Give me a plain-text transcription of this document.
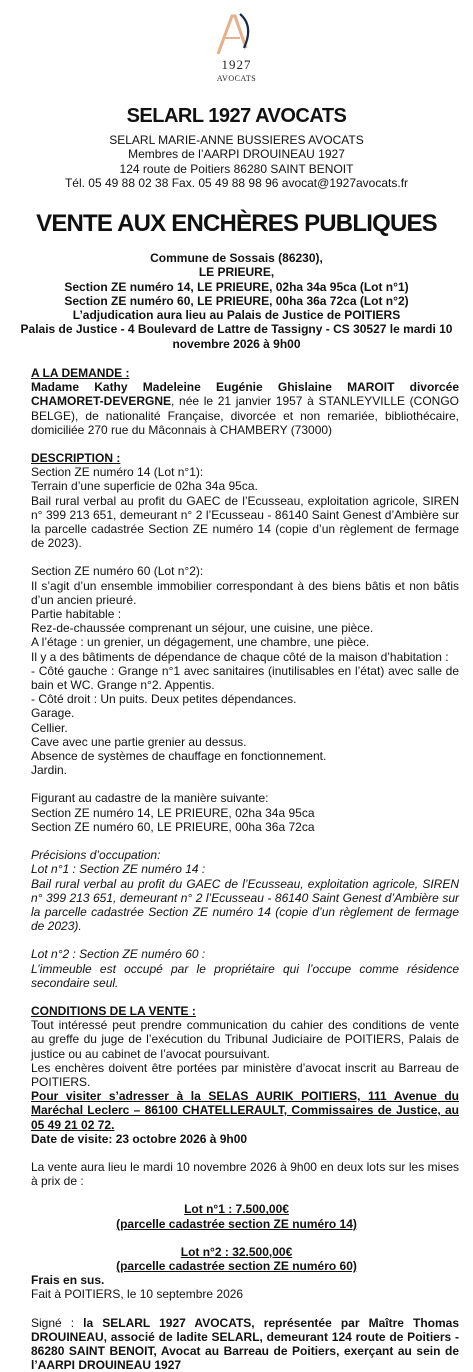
1927
AVOCATS
SELARL 1927 AVOCATS
SELARL MARIE-ANNE BUSSIERES AVOCATS
Membres de l’AARPI DROUINEAU 1927
124 route de Poitiers 86280 SAINT BENOIT
Tél. 05 49 88 02 38 Fax. 05 49 88 98 96 avocat@1927avocats.fr
VENTE AUX ENCHÈRES PUBLIQUES
Commune de Sossais (86230),
LE PRIEURE,
Section ZE numéro 14, LE PRIEURE, 02ha 34a 95ca (Lot n°1)
Section ZE numéro 60, LE PRIEURE, 00ha 36a 72ca (Lot n°2)
L’adjudication aura lieu au Palais de Justice de POITIERS
Palais de Justice - 4 Boulevard de Lattre de Tassigny - CS 30527 le mardi 10 novembre 2026 à 9h00

A LA DEMANDE :

Madame Kathy Madeleine Eugénie Ghislaine MAROIT divorcée CHAMORET-DEVERGNE, née le 21 janvier 1957 à STANLEYVILLE (CONGO BELGE), de nationalité Française, divorcée et non remariée, bibliothécaire, domiciliée 270 rue du Mâconnais à CHAMBERY (73000)

DESCRIPTION :

Section ZE numéro 14 (Lot n°1):

Terrain d’une superficie de 02ha 34a 95ca.

Bail rural verbal au profit du GAEC de l’Ecusseau, exploitation agricole, SIREN n° 399 213 651, demeurant n° 2 l’Ecusseau - 86140 Saint Genest d’Ambière sur la parcelle cadastrée Section ZE numéro 14 (copie d’un règlement de fermage de 2023).

Section ZE numéro 60 (Lot n°2):

Il s’agit d’un ensemble immobilier correspondant à des biens bâtis et non bâtis d’un ancien prieuré.

Partie habitable :

Rez-de-chaussée comprenant un séjour, une cuisine, une pièce.

A l’étage : un grenier, un dégagement, une chambre, une pièce.

Il y a des bâtiments de dépendance de chaque côté de la maison d’habitation :

- Côté gauche : Grange n°1 avec sanitaires (inutilisables en l’état) avec salle de bain et WC. Grange n°2. Appentis.

- Côté droit : Un puits. Deux petites dépendances.

Garage.

Cellier.

Cave avec une partie grenier au dessus.

Absence de systèmes de chauffage en fonctionnement.

Jardin.

Figurant au cadastre de la manière suivante:

Section ZE numéro 14, LE PRIEURE, 02ha 34a 95ca

Section ZE numéro 60, LE PRIEURE, 00ha 36a 72ca

Précisions d’occupation:

Lot n°1 : Section ZE numéro 14 :

Bail rural verbal au profit du GAEC de l’Ecusseau, exploitation agricole, SIREN n° 399 213 651, demeurant n° 2 l’Ecusseau - 86140 Saint Genest d’Ambière sur la parcelle cadastrée Section ZE numéro 14 (copie d’un règlement de fermage de 2023).

Lot n°2 : Section ZE numéro 60 :

L’immeuble est occupé par le propriétaire qui l’occupe comme résidence secondaire seul.

CONDITIONS DE LA VENTE :

Tout intéressé peut prendre communication du cahier des conditions de vente au greffe du juge de l’exécution du Tribunal Judiciaire de POITIERS, Palais de justice ou au cabinet de l’avocat poursuivant.

Les enchères doivent être portées par ministère d’avocat inscrit au Barreau de POITIERS.

Pour visiter s’adresser à la SELAS AURIK POITIERS, 111 Avenue du Maréchal Leclerc – 86100 CHATELLERAULT, Commissaires de Justice, au 05 49 21 02 72.

Date de visite: 23 octobre 2026 à 9h00

La vente aura lieu le mardi 10 novembre 2026 à 9h00 en deux lots sur les mises à prix de :

Lot n°1 : 7.500,00€

(parcelle cadastrée section ZE numéro 14)

Lot n°2 : 32.500,00€

(parcelle cadastrée section ZE numéro 60)

Frais en sus.

Fait à POITIERS, le 10 septembre 2026

Signé : la SELARL 1927 AVOCATS, représentée par Maître Thomas DROUINEAU, associé de ladite SELARL, demeurant 124 route de Poitiers - 86280 SAINT BENOIT, Avocat au Barreau de Poitiers, exerçant au sein de l’AARPI DROUINEAU 1927
